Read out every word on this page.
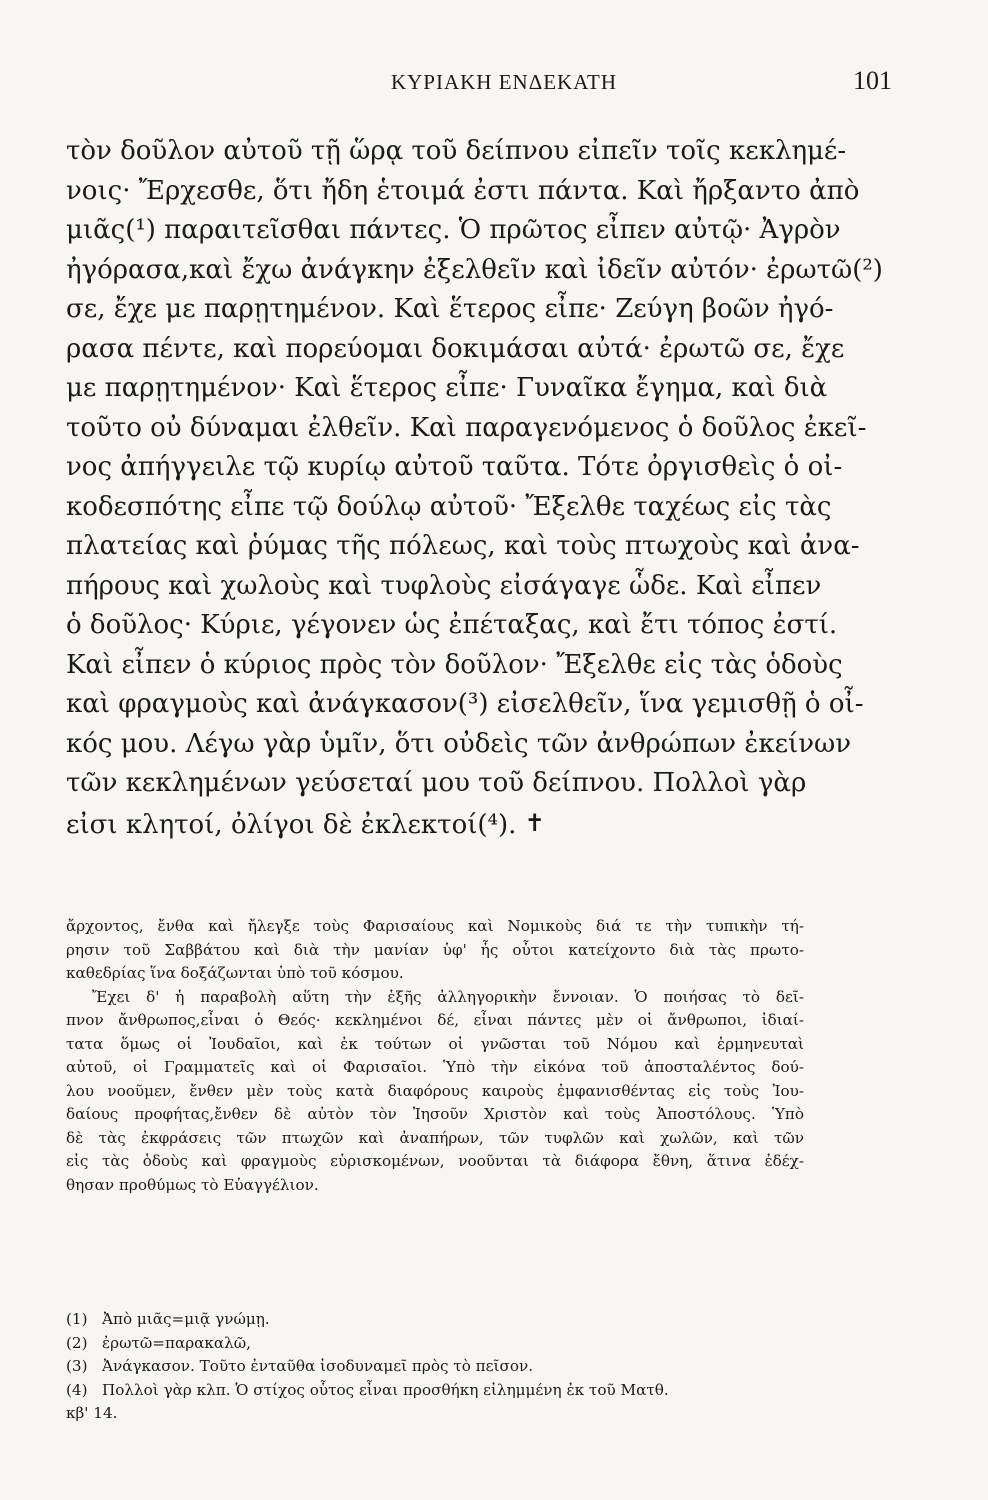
ΚΥΡΙΑΚΗ ΕΝΔΕΚΑΤΗ	101
τὸν δοῦλον αὐτοῦ τῇ ὥρᾳ τοῦ δείπνου εἰπεῖν τοῖς κεκλημέ-
νοις· Ἔρχεσθε, ὅτι ἤδη ἑτοιμά ἐστι πάντα. Καὶ ἤρξαντο ἀπὸ
μιᾶς(¹) παραιτεῖσθαι πάντες. Ὁ πρῶτος εἶπεν αὐτῷ· Ἀγρὸν
ἠγόρασα,καὶ ἔχω ἀνάγκην ἐξελθεῖν καὶ ἰδεῖν αὐτόν· ἐρωτῶ(²)
σε, ἔχε με παρῃτημένον. Καὶ ἕτερος εἶπε· Ζεύγη βοῶν ἠγό-
ρασα πέντε, καὶ πορεύομαι δοκιμάσαι αὐτά· ἐρωτῶ σε, ἔχε
με παρῃτημένον· Καὶ ἕτερος εἶπε· Γυναῖκα ἔγημα, καὶ διὰ
τοῦτο οὐ δύναμαι ἐλθεῖν. Καὶ παραγενόμενος ὁ δοῦλος ἐκεῖ-
νος ἀπήγγειλε τῷ κυρίῳ αὐτοῦ ταῦτα. Τότε ὀργισθεὶς ὁ οἰ-
κοδεσπότης εἶπε τῷ δούλῳ αὐτοῦ· Ἔξελθε ταχέως εἰς τὰς
πλατείας καὶ ῥύμας τῆς πόλεως, καὶ τοὺς πτωχοὺς καὶ ἀνα-
πήρους καὶ χωλοὺς καὶ τυφλοὺς εἰσάγαγε ὧδε. Καὶ εἶπεν
ὁ δοῦλος· Κύριε, γέγονεν ὡς ἐπέταξας, καὶ ἔτι τόπος ἐστί.
Καὶ εἶπεν ὁ κύριος πρὸς τὸν δοῦλον· Ἔξελθε εἰς τὰς ὁδοὺς
καὶ φραγμοὺς καὶ ἀνάγκασον(³) εἰσελθεῖν, ἵνα γεμισθῇ ὁ οἶ-
κός μου. Λέγω γὰρ ὑμῖν, ὅτι οὐδεὶς τῶν ἀνθρώπων ἐκείνων
τῶν κεκλημένων γεύσεταί μου τοῦ δείπνου. Πολλοὶ γὰρ
εἰσι κλητοί, ὀλίγοι δὲ ἐκλεκτοί(⁴). ✝
ἄρχοντος, ἔνθα καὶ ἤλεγξε τοὺς Φαρισαίους καὶ Νομικοὺς διά τε τὴν τυπικὴν τή-
ρησιν τοῦ Σαββάτου καὶ διὰ τὴν μανίαν ὑφ' ἧς οὗτοι κατείχοντο διὰ τὰς πρωτο-
καθεδρίας ἵνα δοξάζωνται ὑπὸ τοῦ κόσμου.
Ἔχει δ' ἡ παραβολὴ αὕτη τὴν ἑξῆς ἀλληγορικὴν ἔννοιαν. Ὁ ποιήσας τὸ δεῖ-
πνον ἄνθρωπος,εἶναι ὁ Θεός· κεκλημένοι δέ, εἶναι πάντες μὲν οἱ ἄνθρωποι, ἰδιαί-
τατα ὅμως οἱ Ἰουδαῖοι, καὶ ἐκ τούτων οἱ γνῶσται τοῦ Νόμου καὶ ἑρμηνευταὶ
αὐτοῦ, οἱ Γραμματεῖς καὶ οἱ Φαρισαῖοι. Ὑπὸ τὴν εἰκόνα τοῦ ἀποσταλέντος δού-
λου νοοῦμεν, ἔνθεν μὲν τοὺς κατὰ διαφόρους καιροὺς ἐμφανισθέντας εἰς τοὺς Ἰου-
δαίους προφήτας,ἔνθεν δὲ αὐτὸν τὸν Ἰησοῦν Χριστὸν καὶ τοὺς Ἀποστόλους. Ὑπὸ
δὲ τὰς ἐκφράσεις τῶν πτωχῶν καὶ ἀναπήρων, τῶν τυφλῶν καὶ χωλῶν, καὶ τῶν
εἰς τὰς ὁδοὺς καὶ φραγμοὺς εὑρισκομένων, νοοῦνται τὰ διάφορα ἔθνη, ἅτινα ἐδέχ-
θησαν προθύμως τὸ Εὐαγγέλιον.
(1) Ἀπὸ μιᾶς=μιᾷ γνώμῃ.
(2) ἐρωτῶ=παρακαλῶ,
(3) Ἀνάγκασον. Τοῦτο ἐνταῦθα ἰσοδυναμεῖ πρὸς τὸ πεῖσον.
(4) Πολλοὶ γὰρ κλπ. Ὁ στίχος οὗτος εἶναι προσθήκη εἰλημμένη ἐκ τοῦ Ματθ.
κβ' 14.
